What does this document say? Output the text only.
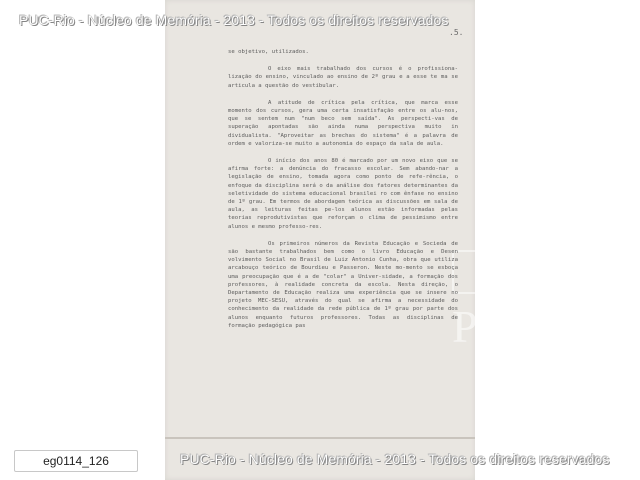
PUC
.5.

se objetivo, utilizados.

O eixo mais trabalhado dos cursos é o profissiona-lização do ensino, vinculado ao ensino de 2º grau e a esse te ma se articula a questão do vestibular.

A atitude de crítica pela crítica, que marca esse momento dos cursos, gera uma certa insatisfação entre os alu-nos, que se sentem num "num beco sem saída". As perspecti-vas de superação apontadas são ainda numa perspectiva muito in dividualista. "Aproveitar as brechas do sistema" é a palavra de ordem e valoriza-se muito a autonomia do espaço da sala de aula.

O início dos anos 80 é marcado por um novo eixo que se afirma forte: a denúncia do fracasso escolar. Sem abando-nar a legislação de ensino, tomada agora como ponto de refe-rência, o enfoque da disciplina será o da análise dos fatores determinantes da seletividade do sistema educacional brasilei ro com ênfase no ensino de 1º grau. Em termos de abordagem teórica as discussões em sala de aula, as leituras feitas pe-los alunos estão informadas pelas teorias reprodutivistas que reforçam o clima de pessimismo entre alunos e mesmo professo-res.

Os primeiros números da Revista Educação e Socieda de são bastante trabalhados bem como o livro Educação e Desen volvimento Social no Brasil de Luiz Antonio Cunha, obra que utiliza arcabouço teórico de Bourdieu e Passeron. Neste mo-mento se esboça uma preocupação que é a de "colar" a Univer-sidade, a formação dos professores, à realidade concreta da escola. Nesta direção, o Departamento de Educação realiza uma experiência que se insere no projeto MEC-SESU, através do qual se afirma a necessidade do conhecimento da realidade da rede pública de 1º grau por parte dos alunos enquanto futuros professores. Todas as disciplinas de formação pedagógica pas

PUC-Rio - Núcleo de Memória - 2013 - Todos os direitos reservados
PUC-Rio - Núcleo de Memória - 2013 - Todos os direitos reservados
eg0114_126
